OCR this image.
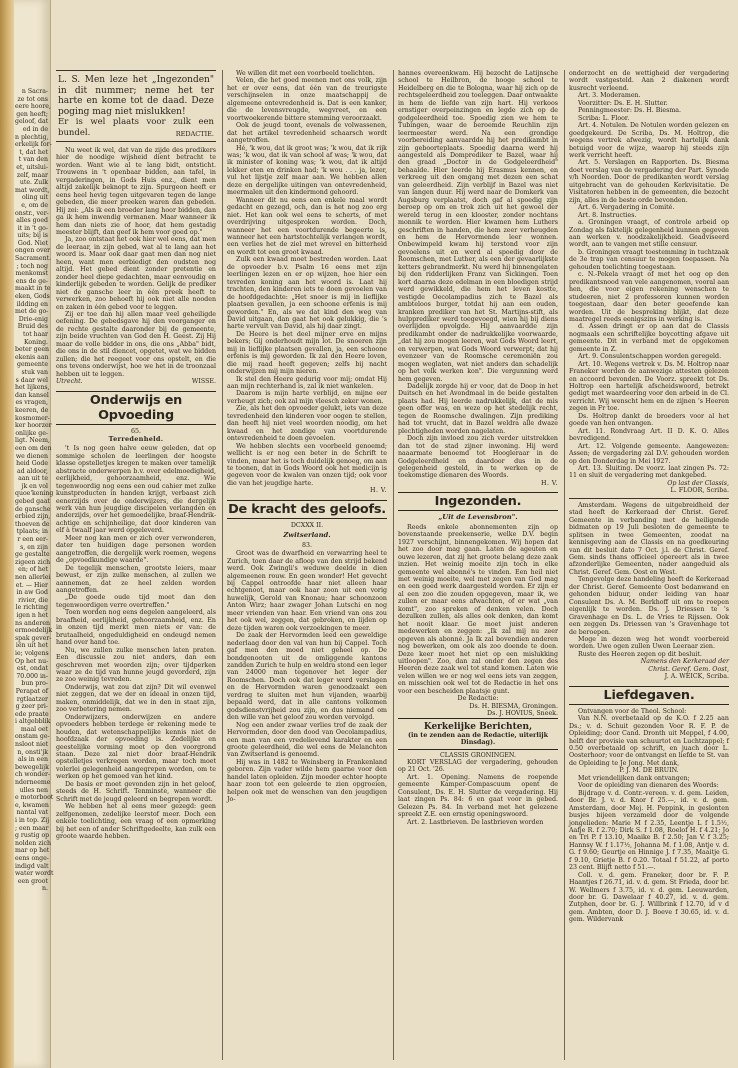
n Sacra-
ze tot ons
eere hoore,
gen heeft;
geloof, dat
ed in de
n plechtig,
erkelijk for-
t, dat het
t van den
et, uitslui-
zelf, maar
ute. Zulk
mat wordt,
oling uit
e, om de
onstr., ver-
alles goed
it in 't go-
uits; bij is
God. Niet
ongen over
Sacrament.
; toch nog
menkomst
ens de ge-
maakt in te
eken, Gods
ildding en
met de go-
Drie-enig
Bruid des
tot haar
Koning.
beter geen
ekenis aan
gemeente
stuk van
s daar wel
het lijkens,
dan kansel
es vragen,
keeren, de
kosmomer-
ker hoorzer
onlijke ge-
ligt. Neem,
een om den
we dienen
heid Gode
ad aldoor,
aan uit te
jk en vol
quoe'kening
gebed gaat
de gansche
erbied zijn,
thoeven de
tplaats; in
r een eer-
s, en zijn
ge gestalte
zigeen zich
en; of het
nen allerlei
et. — Hier
in aw God
rivier, die
le richting
igen n het
ns anderen
ermoedelijk
spak gever-
iën uit het
ie; volgens
Op het nu-
est, ondat
70.000 in-
bun pro-
Perapat of
rgtlaatzer
g zeer pri-
ede praate
i altgebblik
maal oet
onstam ge-
nsloot niet
n, onsti'jk
als in een
bewegelijk
ch wonder-
nderneeme
ulles nen
e motorboot
e, kwamen
nantal vat
i in top. Zij
; een maar
g rustig op
nolden zich
mar op het
eens onge-
indigd valt
water wordt
een groot
n.
L. S. Men leze het „Ingezonden" in dit nummer; neme het ter harte en kome tot de daad. Deze poging mag niet mislukken!
Er is wel plaats voor zulk een bundel.	REDACTIE.

Nu weet ik wel, dat van de zijde des predikers hier de noodige wijsheid dient betracht te worden. Want wie al te lang bidt, ontsticht. Trouwens in 't openbaar bidden, aan tafel, in vergaderingen, in Gods Huis enz., dient men altijd zakelijk beknopt te zijn. Spurgeon heeft er eens heel hevig tegen uitgevaren tegen de lange gebeden, die meer preeken waren dan gebeden. Hij zei: „Als ik een broeder lang hoor bidden, dan ga ik hem inwendig vermanen. Maar wanneer ik hem dan niets zie of hoor, dat hem gestadig meester blijft, dan geef ik hem voor goed op."

Ja, zoo ontstaat het ook hier wel eens, dat men de leeraar, in zijn gebed, wat al te lang aan het woord is. Maar ook daar gaat men dan nog niet heen, want men eerbiedigt den oudsten nog altijd. Het gebed dient zonder pretentie en zonder heel diepe gedachten, maar eenvoudig en kinderlijk gebeden te worden. Gelijk de prediker niet de gansche leer in één preek heeft te verwerken, zoo behoeft hij ook niet alle nooden en zaken in één gebed voor te leggen.

Zij er toe dan hij allen maar veel geheiligde oefening. De gebedsgave hij den voorganger en de rechte gestalte daaronder bij de gemeente, zijn beide vruchten van God den H. Geest. Zij Hij maar de volle bidder in ons, die ons „Abba" bidt, die ons in de stil diencet, opgetet, wat we bidden zullen; die het reegeet voor ons opstelt, en die ons tevens onderwijst, hoe we het in de troonzaal hebben uit te leggen.

Utrecht.	WISSE.
Onderwijs en Opvoeding
65.
Terredenheld.

't Is nog geen halve eeuw geleden, dat op sommige scholen de leerlingen der hoogste klasse opstelletjes kregen te maken over tamelijk abstracte onderwerpen b.v. over edelmoedigheid, eerlijkheid, gehoorzaamheid, enz. Wie tegenwoordig nog eens een oud cahier met zulke kunstproducten in handen krijgt, verbaast zich eenerzijds over de onderwijzers, die dergelijk werk van hun jeugdige discipelen verlangden en anderzijds, over het gemoedelijke, braaf-Hendrik-achtige en schijnheilige, dat door kinderen van elf à twaalf jaar werd opgeleverd.

Meer nog kan men er zich over verwonderen, dater ten huidigen dage personen worden aangetroffen, die dergelijk werk roemen, wegens de „opvoedkundige waarde".

De tegelijk menschen, grootste leiers, maar bewust, er zijn zulke menschen, al zullen we aannemen, dat ze heel zelden worden aangetroffen.

„De goede oude tijd moet dan den tegenwoordigen verre overtreffen."

Toen worden nog eens degelen aangeleerd, als braafheid, eerlijkheid, gehoorzaamheid, enz. En in onzen tijd merkt men niets er van: de brutaalheid, ongeduldigheid en ondeugd nemen hand over hand toe.

Nu, we zullen zulke menschen laten praten. Een discussie zou niet anders, dan een geschreven met woorden zijn; over tijdperken waar ze de tijd van hunne jeugd gevorderd, zijn ze zoo weinig tevreden.

Onderwijs, wat zou dat zijn? Dit wil evenwel niet zeggen, dat we der en ideaal in onzen tijd, maken, onmiddelijk, dat we in den in staat zijn, zoo verbetering nemen.

Onderwijzers, onderwijzen en andere opvoeders hebben terdege er rekening mede te houden, dat wetenschappelijke kennis niet de hoofdzaak der opvoeding is. Zedelijke en geestelijke vorming moet op den voorgrond staan. Deze zal niet door braaf-Hendrik opstelletjes verkregen worden, maar toch moet volerlei gelegenheid aangegrepen worden, om te werken op het gemoed van het kind.

De basis er moet gevonden zijn in het geloof, steeds de H. Schrift. Tenminste, wanneer die Schrift met de jeugd geleerd en begrepen wordt.

We hebben het al eens meer gezegd: geen zelfgenomen, zedelijke leerstof meer. Doch een enkele toelichting, een vraag of een opmerking bij het een of ander Schriftgedeelte, kan zulk een groote waarde hebben.

We willen dit met een voorbeeld toelichten.

Velen, die het goed meenen met ons volk, zijn het er over eens, dat één van de treurigste verschijnselen in onze maatschappij de algemeene ontevredenheid is. Dat is een kanker, die de levensvreugde, wegvreet, en een voortwoekerende bittere stemming veroorzaakt.

Ook de jeugd toont, evenals de volwassenen, dat het artikel tevredenheid schaarsch wordt aangetroffen.

Hé, 'k wou, dat ik groot was; 'k wou, dat ik rijk was; 'k wou, dat ik van school af was; 'k wou, dat ik minister of koning was; 'k wou, dat ik altijd lekker eten en drinken had; 'k wou . . . ja, lezer, vul het lijstje zelf maar aan. We hebben allen deze en dergelijke uitingen van ontevredenheid, meermalen uit den kindermond gehoord.

Wanneer dit nu eens een enkele maal wordt gedacht en gezegd, och, dan is het nog zoo erg niet. Het kan ook wel eens te scherts, of met overdrijving uitgesproken worden. Doch, wanneer het een voortdurende begeerte is, wanneer het een hartstochtelijk verlangen wordt, een verlies het de ziel met wrevel en bitterheid en wordt tot een groot kwaad.

Zulk een kwaad moet bestreden worden. Laat de opvoeder b.v. Psalm 16 eens met zijn leerlingen lezen en er op wijzen, hoe hier een tevreden koning aan het woord is. Laat hij trachten, den kinderen iets te doen gevoelen van de hoofdgedachte: „Het snoer is mij in lieflijke plaatsen gevallen, ja een schoone erfenis is mij geworden." En, als we dat kind den weg van David uitgaan, dan gaat het ook gelukkig, die 's harte vervult van David, als hij daar zingt.

De Heere is het deel mijner erve en mijns bekers; Gij onderhoudt mijn lot. De snoeren zijn mij in lieflijke plaatsen gevallen, ja, een schoone erfenis is mij geworden. Ik zal den Heere loven, die mij raad heeft gegeven; zelfs bij nacht onderwijzen mij mijn nieren.

Ik stel den Heere gedurig voor mij; omdat Hij aan mijn rechterhand is, zal ik niet wankelen.

Daarom is mijn harte verblijd, en mijne eer verheugt zich; ook zal mijn vleesch zeker wonen.

Zie, als het den opvoeder gelukt, iets van deze tevredenheid den kinderen voor oogen te stellen, dan heeft hij niet veel woorden noodig, om het kwaad en het zondige van voortdurende ontevredenheid te doen gevoelen.

We hebben slechts een voorbeeld genoemd; wellicht is er nog een beter in de Schrift te vinden, maar het is toch duidelijk genoeg, om aan te toonen, dat in Gods Woord ook het medicijn is gegeven voor de kwalen van onzen tijd; ook voor die van het jeugdige harte.

H. V.
De kracht des geloofs.
DCXXX II.
Zwitserland.
83.

Groot was de dwarfheid en verwarring heel te Zurich, toen daar de afloop van den strijd bekend werd. Ook Zwingli's weduwe deelde in dien algemeenen rouw. En geen wonder! Het gevecht bij Cappel ontroofde haar niet alleen haar echtgenoot, maar ook haar zoon uit een vorig huwelijk, Gerold van Knonau; haar schoonzoon Anton Wirz; haar zwager Johan Lutschi en nog meer vrienden van haar. Een vriend van ons zou het ook wel, zeggen, dat gebroken, en lijden op deze tijden waren ook verzoekingen te meer.

De zaak der Hervormden leed een geweldige nederlaag door den val van hun bij Cappel. Toch gaf men den moed niet geheel op. De bondgenooten uit de omliggende kantons zandden Zurich te hulp en weldra stond een leger van 24000 man tegenover het leger der Roomschen. Doch ook dat leger werd verslagen en de Hervormden waren genoodzaakt een verdrag te sluiten met hun vijanden, waarbij bepaald werd, dat in alle cantons volkomen godsdienstvrijheid zou zijn, en dus niemand om den wille van het geloof zou worden vervolgd.

Nog een ander zwaar verlies trof de zaak der Hervormden, door den dood van Oecolampadius, een man van een vredelievend karakter en een groote geleerdheid, die wel eens de Melanchton van Zwitserland is genoemd.

Hij was in 1482 te Weinsberg in Frankenland geboren. Zijn vader wilde hem gaarne voor den handel laten opleiden. Zijn moeder echter hoopte haar zoon tot een geleerde te zien opgroeien, helpen ook met de wenschen van den jeugdigen Jo-

hannes overeenkwam. Hij bezocht de Latijnsche school te Heilbron, de hooge school te Heidelberg en die te Bologna, waar hij zich op de rechtsgeleerdheid zou toeleggen. Daar ontwaakte in hem de liefde van zijn hart. Hij verkoos ernstiger overpeinzingen en legde zich op de godgeleerdheid toe. Spoedig zien we hem te Tubingen, waar de beroemde Reuchlin zijn leermeester werd. Na een grondige voorbereiding aanvaardde hij het predikambt in zijn geboorteplaats. Spoedig daarna werd hij aangesteld als Domprediker te Bazel, waar hij den graad „Doctor in de Godgeleerdheid" behaalde. Hier leerde hij Erasmus kennen, en verkreeg uit den omgang met dezen een schat van geleerdheid. Zijn verblijf in Bazel was niet van langen duur. Hij werd naar de Domkerk van Augsburg verplaatst, doch gaf al spoedig zijn beroep op om en trok zich uit het gewoel der wereld terug in een klooster, zonder nochtans monnik te worden. Hier kwamen hem Luthers geschriften in handen, die hem zeer verheugden en hem de Hervormende leer wonnen. Onbewimpeld kwam hij terstond voor zijn gevoelens uit en werd al spoedig door de Roomschen, met Luther, als een der gevaarlijkste ketters gebrandmerkt. Nu werd hij binnengelaten bij den ridderlijken Franz van Sickingen. Toen kort daarna deze edelman in een bloedigen strijd werd gewikkeld, die hem het leven kostte, vestigde Oecolampadius zich te Bazel als ambteloos burger, totdat hij aan een ouden, kranken prediker van het St. Martijns-stift, als hulpprediker werd toegevoegd, wien hij bij diens overlijden opvolgde. Hij aanvaardde zijn predikambt onder de nadrukkelijke voorwaarde, „dat hij zou mogen leeren, wat Gods Woord leert, en verwerpen, wat Gods Woord verwerpt; dat hij evenzeer van de Roomsche ceremoniën zou mogen weglaten, wat niet anders dan schadelijk op het volk werken kon". Die vergunning werd hem gegeven.

Dadelijk zorgde hij er voor, dat de Doop in het Duitsch en het Avondmaal in de beide gestalten plaats had. Hij leerde nadrukkelijk, dat de mis geen offer was, en weze op het stedelijk recht, tegen de Roomsche dwalingen. Zijn prediking had tot vrucht, dat in Bazel weldra alle dwaze plechtigheden worden nagelaten.

Doch zijn invloed zou zich verder uitstrekken dan tot de stad zijner inwoning. Hij werd naaarmate benoemd tot Hoogleraar in de Godgeleerdheid en daardoor dus in de gelegenheid gesteld, in te werken op de toekomstige dienaren des Woords.

H. V.
Ingezonden.
„Uit de Levensbron".

Reeds enkele abonnementen zijn op bovenstaande preekenserie, welke D.V. begin 1927 verschijnt, binnengekomen. Wij hopen dat het zoo door mag gaan. Laten de ageuten en ouwe lezeren, dat zij het groote belang deze zaak inzien. Het weinig moeite zijn toch in elke gemeente wel abonné's te vinden. Een heil niet met weinig moeite, wel met zegen van God mag en een goed werk daargesteld worden. Er zijn er al een zoo die zouden opgegeven, maar ik, we zullen er maar eens afwachten, of er wat „van komt", zoo spreken of denken velen. Doch dezulken zullen, als alles ook denken, dan komt het nooit klaar. Ge moet juist anderen medewerken en zeggen: „Ik zal mij nu zeer opgeven als abonné. Ja Ik zal bovendien anderen nog bewerken, om ook als zoo doende te doen. Deze keer moet het niet op een mislukking uitloopen". Zoo, dan zal onder den zegen des Heeren deze zaak wel tot stand komen. Laten wie velen willen we er nog wel eens iets van zeggen, en misschien ook wel tot de Redactie in het ons voor een bescheiden plaatsje gunt.

De Redactie:
Ds. H. BIESMA, Groningen.
Ds. J. HOVIUS, Sneek.
Kerkelijke Berichten,
(in te zenden aan de Redactie, uiterlijk Dinsdag).
CLASSIS GRONINGEN.

KORT VERSLAG der vergadering, gehouden op 21 Oct. '26.

Art. 1. Opening. Namens de roepende gemeente Kamper-Compascuum opent de Consulent, Ds. E. H. Slutter de vergadering. Hij laat zingen Ps. 84: 6 en gaat voor in gebed. Gelezen Ps. 84. In verband met het gelezene spreekt Z.E. een ernstig openingswoord.

Art. 2. Lastbrieven. De lastbrieven worden

onderzocht en de wettigheid der vergadering wordt vastgesteld. Aan 2 diakenen wordt kusrecht verleend.

Art. 3. Moderamen.

Voorzitter: Ds. E. H. Slutter.

Penningmeester: Ds. H. Biesma.

Scriba: L. Floor.

Art. 4. Notulen. De Notulen worden gelezen en goedgekeurd. De Scriba, Ds. M. Holtrop, die wegens vertrek afwezig, wordt hartelijk dank betuigd voor de wijze, waarop hij steeds zijn werk verricht heeft.

Art. 5. Verslagen en Rapporten. Ds. Biesma doet verslag van de vergadering der Part. Synode v/h Noorden. Door de predikanten wordt verslag uitgebracht van de gehouden Kerkvisitatie. De Visitatoren hebben in de gemeenten, die bezocht zijn, alles in de beste orde bevonden.

Art. 6. Vergadering in Comité.

Art. 8. Instructies.

a. Groningen vraagt, of controle arbeid op Zondag als faktelijk gelegenheid kunnen gegeven aan werken v. noodzakelijkheid. Geadviseerd wordt, aan te vangen met stille censuur.

b. Groningen vraagt toestemming in tuchtzaak de 3e trap van censuur te mogen toepassen. Na gehouden toelichting toegestaan.

c. N.-Pekela vraagt of met het oog op den predikantsnood van vele aangenomen, vooral aan hen, die voor eigen rekening wenschen te studeeren, niet 2 professoren kunnen worden toegestaan, daar den beter geoefende kan worden. Uit de bespreking blijkt, dat deze maatregel reeds eenigszins in werking is.

d. Assen dringt er op aan dat de Classis nogmaals een schriftelijke boycotting afgave uit gemeente. Dit in verband met de opgekomen gemeente in Z.

Art. 9. Consulentschappen worden geregeld.

Art. 10. Wegens vertrek v. Ds. M. Holtrop naar Franeker worden de aanwezige attesten gelezen en accoord bevonden. De Voorz. spreekt tot Ds. Holtrop een hartelijk afscheidswoord, betrekt gedigt met waardeering voor den arbeid in de Cl. verricht. Wij wenscht hem en de zijnen 's Heeren zegen in Fr toe.

Ds. Holtrop dankt de broeders voor al het goede van hen ontvangen.

Art. 11. Rondvraag Art. II D. K. O. Alles bevredigend.

Art. 12. Volgende gemeente. Aangewezen: Assen; de vergadering zal D.V. gehouden worden op den Donderdag in Mei 1927.

Art. 13. Sluiting. De voorz. laat zingen Ps. 72: 11 en sluit de vergadering met dankgebed.

Op last der Classis,
L. FLOOR, Scriba.

Amsterdam. Wegens de uitgebreidheid der stad heeft de Kerkeraad der Christ. Geref. Gemeente in verbanding met de heiligende bidmaten op 19 Juli besloten de gemeente te splitsen in twee Gemeenten, zoodat na kennisgeving aan de Classis en na goedkeuring van dit besluit dato 7 Oct. j.l. de Christ. Geref. Gem. sinds thans officieel opereert als in twee afzonderlijke Gemeenten, nader aangeduid als Christ. Geref. Gem. Oost en West.

Tengevolge deze handeling heeft de Kerkeraad der Christ. Geref. Gemeente Oost bedanwand en gehonden biduur, onder leiding van haar Consulent Ds. A. M. Berkhoff uit om te roepen eigenlijk te worden. Ds. J. Driessen te 's Gravenhage en Ds. L. de Vries te Rijssen. Ook een zeggen Ds. Driessen van 's Gravenhage tot de beroepen.

Moge in dezen weg het wondt voorbereid worden. Uwe ogen zullen Uwen Leeraar zien.

Ruste des Heeren zegen op dit besluit.

Namens den Kerkeraad der
Christ. Geref. Gem. Oost,
J. A. WEICK, Scriba.
Liefdegaven.

Ontvangen voor de Theol. School:

Van N.N. overbetaald op de K.O. f 2.25 aan Ds.; v. d. Schuit gezonden Voor R. F. P. de Opleiding; door Cand. Dronth uit Meppel, f 4.00, helft der provisie van schuurtot en Luchtzappel; f 0.50 overbetaald op schrift, en juach door L. Oosterhoor; voor de ontvangst en liefde te St. van de Opleiding te Je Jong. Met dank,

P. J. M. DE BRUIN.

Met vriendelijken dank ontvangen;

Voor de opleiding van dienaren des Woords:

Bijdrage v. d. Contr.-vereen. v. d. gem. Leiden, door Br. J. v. d. Knor f 25.—, id. v. d. gem. Amsterdam, door Mej. H. Peppink, in geslonten busjes bijeen verzameld door de volgende jongelieden: Marie M f 2.35, Leentje L f 1.5½, Aafje R. f 2.70; Dirk S. f 1.08, Roelof H. f 4.21; Jo en Tri P. f 13.10, Maaike B. f 2.50; Jan V. f 3.25; Hannsy W. f 1.17½, Johanna M. f 1.08, Antje v. d. G. f 9.60; Geurtje en Hinnige J. f 7.35, Maaitje G. f 9.10, Grietje B. f 0.20. Totaal f 51.22, af porto 23 cent. Blijft netto f 51.—.

Coll. v. d. gem. Franeker, door br. F. P. Haantjes f 26.71, id. v. d. gem. St Frieda, door br. W. Wellmers f 3.75, id. v. d. gem. Leeuwarden, door br. G. Dawelaar f 40.27, id. v. d. gem. Zutphen, door br. G. J. Willbrink f 12.70, id v d gem. Ambten, door D. J. Boeve f 30.65, id. v. d. gem. Wildervank
